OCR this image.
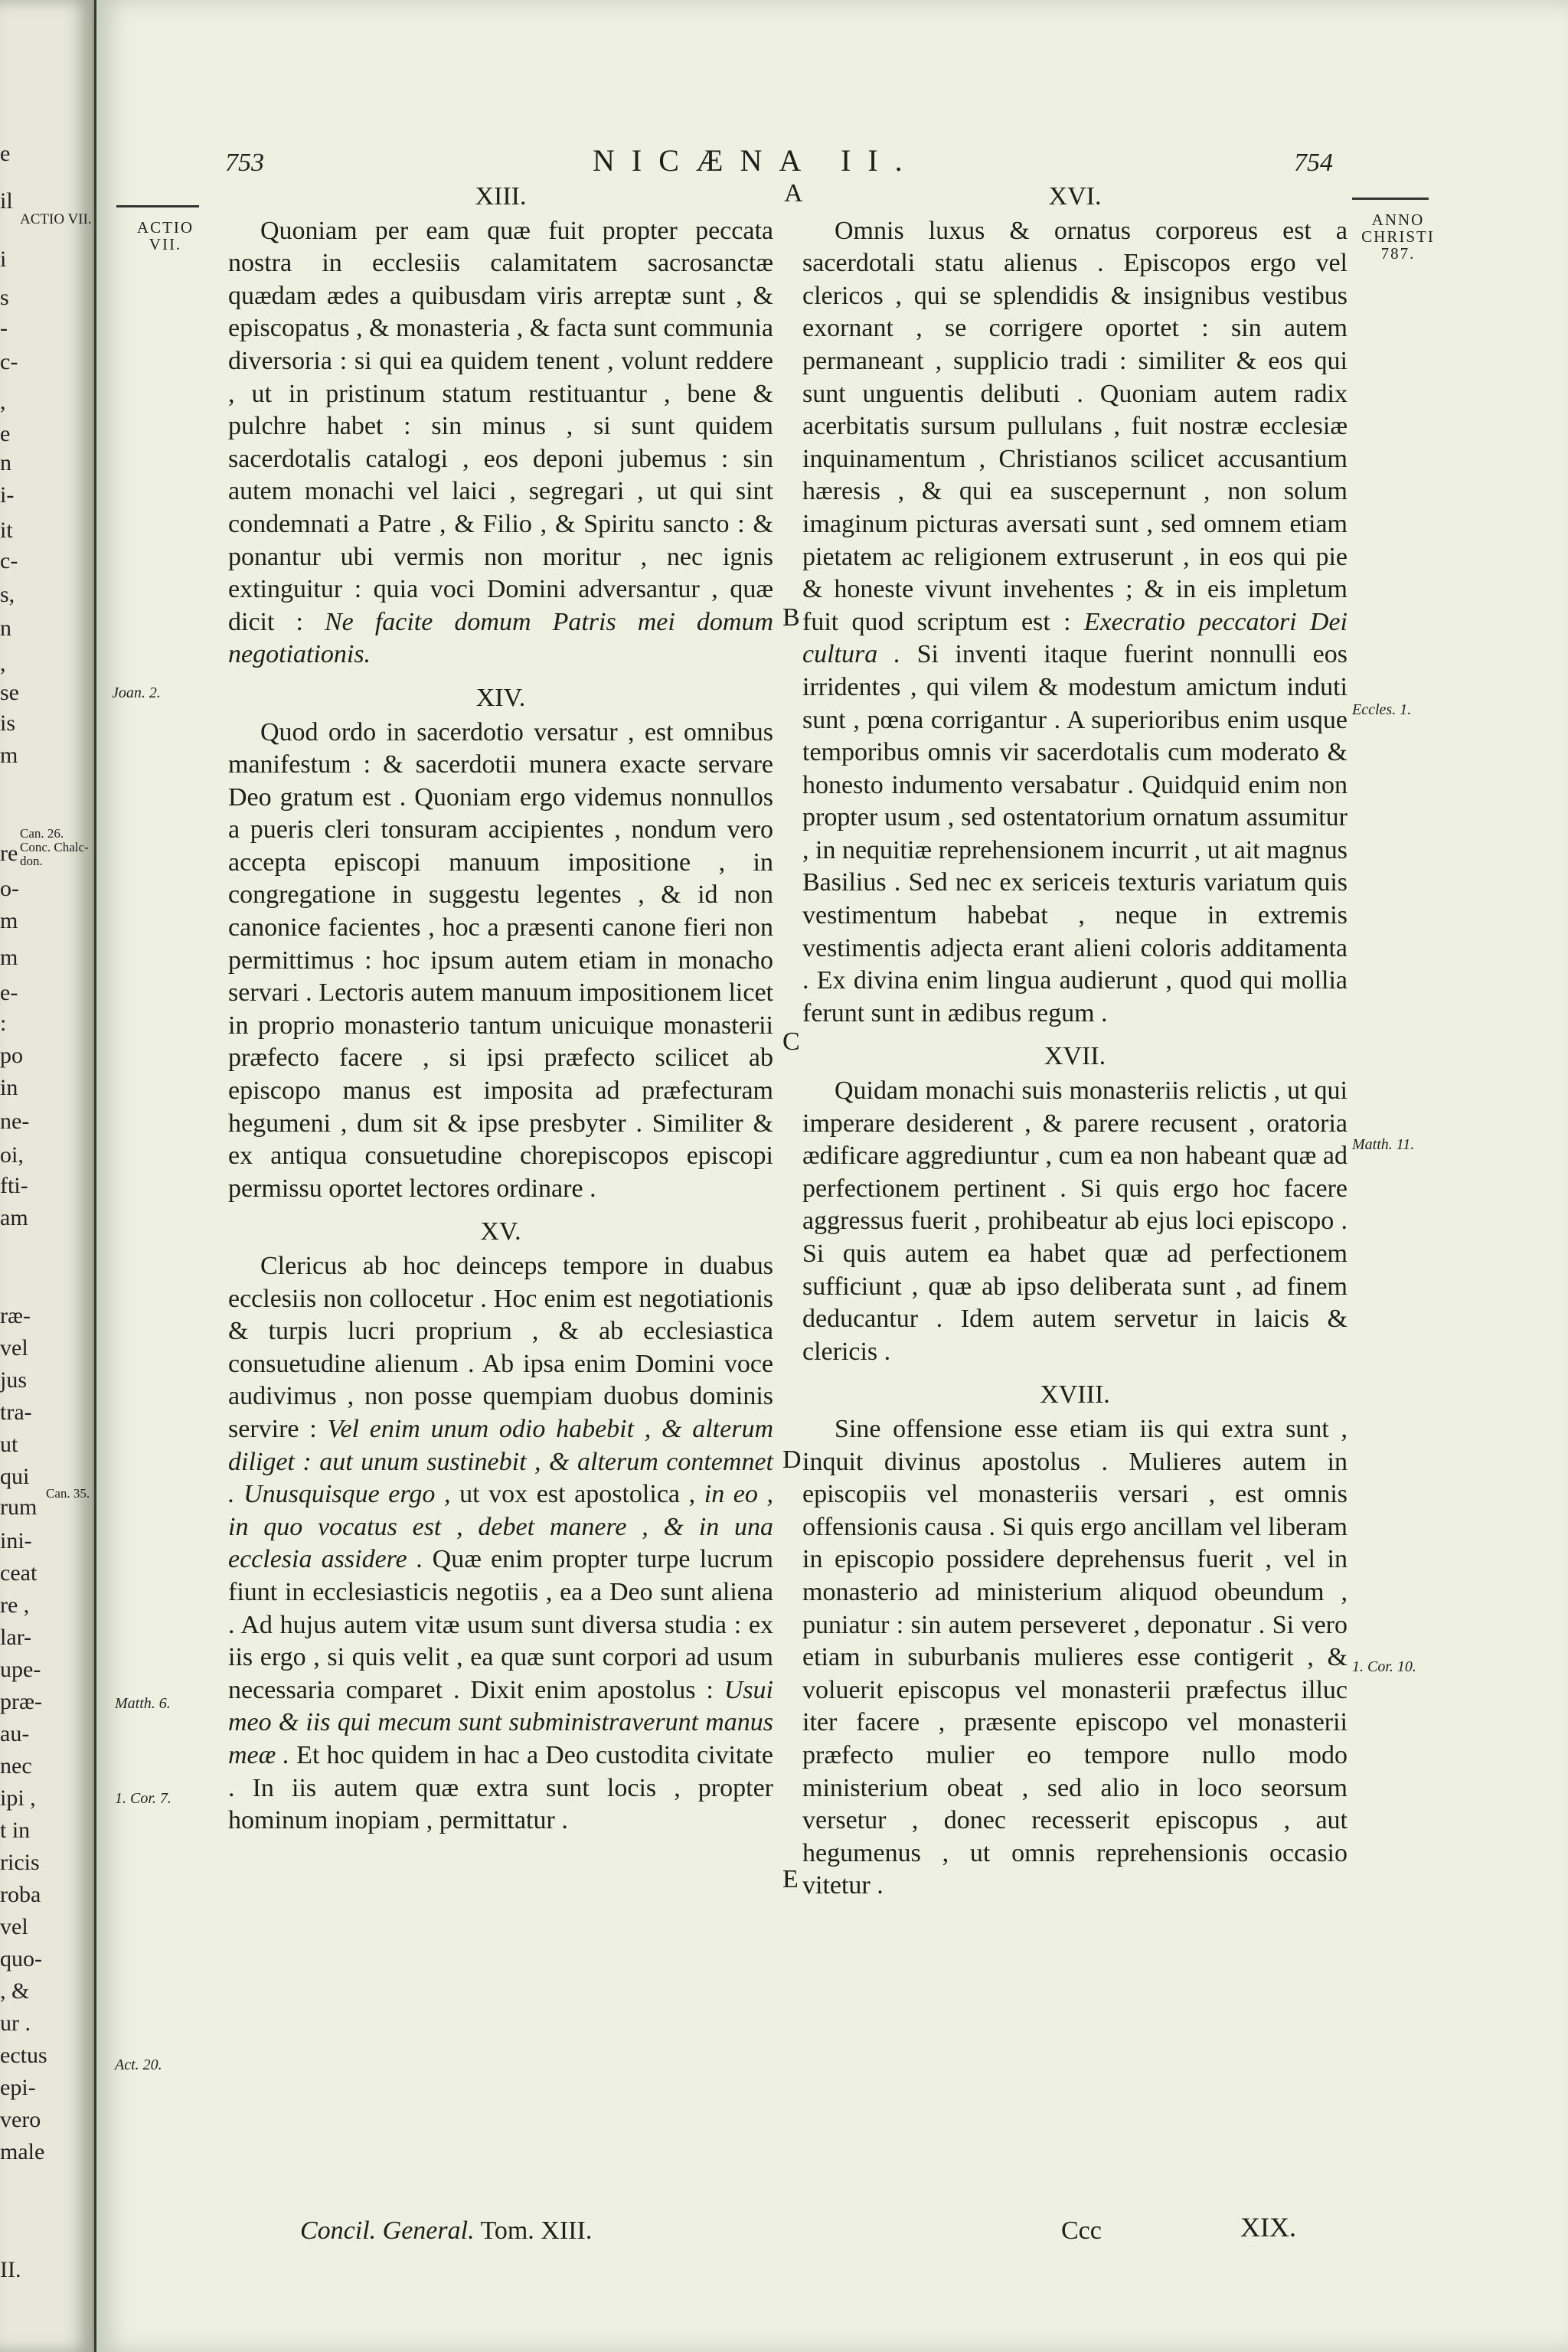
ACTIO VII.
Can. 26. Conc. Chalc-don.
Can. 35.
e
il
i
s
-
c-
,
e
n
i-
it
c-
s,
n
,
se
is
m
re
o-
m
m
e-
:
po
in
ne-
oi,
fti-
am
ræ-
vel
jus
tra-
ut
qui
rum
ini-
ceat
re ,
lar-
upe-
præ-
au-
nec
ipi ,
t in
ricis
roba
vel
quo-
, &
ur .
ectus
epi-
vero
male
II.
753	NICÆNA II.	754
ACTIO VII.
ANNO CHRISTI 787.
Joan. 2.
Matth. 6.
1. Cor. 7.
Act. 20.
Eccles. 1.
Matth. 11.
1. Cor. 10.
A
B
C
D
E
XIII.

Quoniam per eam quæ fuit propter peccata nostra in ecclesiis calamitatem sacrosanctæ quædam ædes a quibusdam viris arreptæ sunt , & episcopatus , & monasteria , & facta sunt communia diversoria : si qui ea quidem tenent , volunt reddere , ut in pristinum statum restituantur , bene & pulchre habet : sin minus , si sunt quidem sacerdotalis catalogi , eos deponi jubemus : sin autem monachi vel laici , segregari , ut qui sint condemnati a Patre , & Filio , & Spiritu sancto : & ponantur ubi vermis non moritur , nec ignis extinguitur : quia voci Domini adversantur , quæ dicit : Ne facite domum Patris mei domum negotiationis.

XIV.

Quod ordo in sacerdotio versatur , est omnibus manifestum : & sacerdotii munera exacte servare Deo gratum est . Quoniam ergo videmus nonnullos a pueris cleri tonsuram accipientes , nondum vero accepta episcopi manuum impositione , in congregatione in suggestu legentes , & id non canonice facientes , hoc a præsenti canone fieri non permittimus : hoc ipsum autem etiam in monacho servari . Lectoris autem manuum impositionem licet in proprio monasterio tantum unicuique monasterii præfecto facere , si ipsi præfecto scilicet ab episcopo manus est imposita ad præfecturam hegumeni , dum sit & ipse presbyter . Similiter & ex antiqua consuetudine chorepiscopos episcopi permissu oportet lectores ordinare .

XV.

Clericus ab hoc deinceps tempore in duabus ecclesiis non collocetur . Hoc enim est negotiationis & turpis lucri proprium , & ab ecclesiastica consuetudine alienum . Ab ipsa enim Domini voce audivimus , non posse quempiam duobus dominis servire : Vel enim unum odio habebit , & alterum diliget : aut unum sustinebit , & alterum contemnet . Unusquisque ergo , ut vox est apostolica , in eo , in quo vocatus est , debet manere , & in una ecclesia assidere . Quæ enim propter turpe lucrum fiunt in ecclesiasticis negotiis , ea a Deo sunt aliena . Ad hujus autem vitæ usum sunt diversa studia : ex iis ergo , si quis velit , ea quæ sunt corpori ad usum necessaria comparet . Dixit enim apostolus : Usui meo & iis qui mecum sunt subministraverunt manus meæ . Et hoc quidem in hac a Deo custodita civitate . In iis autem quæ extra sunt locis , propter hominum inopiam , permittatur .

XVI.

Omnis luxus & ornatus corporeus est a sacerdotali statu alienus . Episcopos ergo vel clericos , qui se splendidis & insignibus vestibus exornant , se corrigere oportet : sin autem permaneant , supplicio tradi : similiter & eos qui sunt unguentis delibuti . Quoniam autem radix acerbitatis sursum pullulans , fuit nostræ ecclesiæ inquinamentum , Christianos scilicet accusantium hæresis , & qui ea suscepernunt , non solum imaginum picturas aversati sunt , sed omnem etiam pietatem ac religionem extruserunt , in eos qui pie & honeste vivunt invehentes ; & in eis impletum fuit quod scriptum est : Execratio peccatori Dei cultura . Si inventi itaque fuerint nonnulli eos irridentes , qui vilem & modestum amictum induti sunt , pœna corrigantur . A superioribus enim usque temporibus omnis vir sacerdotalis cum moderato & honesto indumento versabatur . Quidquid enim non propter usum , sed ostentatorium ornatum assumitur , in nequitiæ reprehensionem incurrit , ut ait magnus Basilius . Sed nec ex sericeis texturis variatum quis vestimentum habebat , neque in extremis vestimentis adjecta erant alieni coloris additamenta . Ex divina enim lingua audierunt , quod qui mollia ferunt sunt in ædibus regum .

XVII.

Quidam monachi suis monasteriis relictis , ut qui imperare desiderent , & parere recusent , oratoria ædificare aggrediuntur , cum ea non habeant quæ ad perfectionem pertinent . Si quis ergo hoc facere aggressus fuerit , prohibeatur ab ejus loci episcopo . Si quis autem ea habet quæ ad perfectionem sufficiunt , quæ ab ipso deliberata sunt , ad finem deducantur . Idem autem servetur in laicis & clericis .

XVIII.

Sine offensione esse etiam iis qui extra sunt , inquit divinus apostolus . Mulieres autem in episcopiis vel monasteriis versari , est omnis offensionis causa . Si quis ergo ancillam vel liberam in episcopio possidere deprehensus fuerit , vel in monasterio ad ministerium aliquod obeundum , puniatur : sin autem perseveret , deponatur . Si vero etiam in suburbanis mulieres esse contigerit , & voluerit episcopus vel monasterii præfectus illuc iter facere , præsente episcopo vel monasterii præfecto mulier eo tempore nullo modo ministerium obeat , sed alio in loco seorsum versetur , donec recesserit episcopus , aut hegumenus , ut omnis reprehensionis occasio vitetur .

Concil. General. Tom. XIII.	Ccc	XIX.
